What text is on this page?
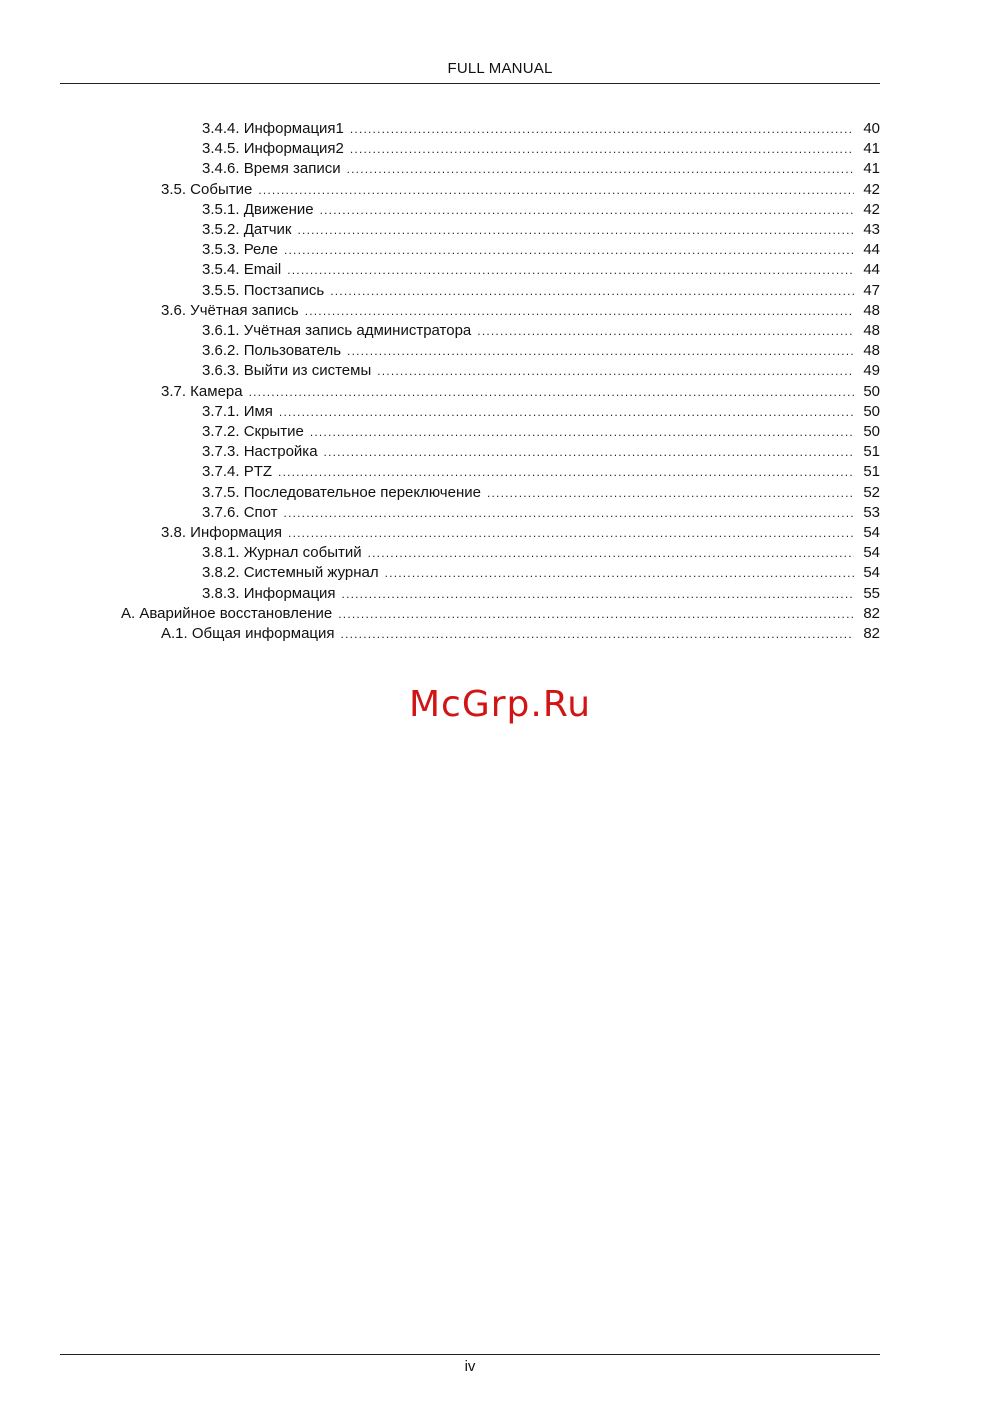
FULL MANUAL
3.4.4. Информация1 .....	40
3.4.5. Информация2 .....	41
3.4.6. Время записи .....	41
3.5. Событие .....	42
3.5.1. Движение .....	42
3.5.2. Датчик .....	43
3.5.3. Реле .....	44
3.5.4. Email .....	44
3.5.5. Постзапись .....	47
3.6. Учётная запись .....	48
3.6.1. Учётная запись администратора .....	48
3.6.2. Пользователь .....	48
3.6.3. Выйти из системы .....	49
3.7. Камера .....	50
3.7.1. Имя .....	50
3.7.2. Скрытие .....	50
3.7.3. Настройка .....	51
3.7.4. PTZ .....	51
3.7.5. Последовательное переключение .....	52
3.7.6. Спот .....	53
3.8. Информация .....	54
3.8.1. Журнал событий .....	54
3.8.2. Системный журнал .....	54
3.8.3. Информация .....	55
A. Аварийное восстановление .....	82
A.1. Общая информация .....	82
McGrp.Ru
iv
